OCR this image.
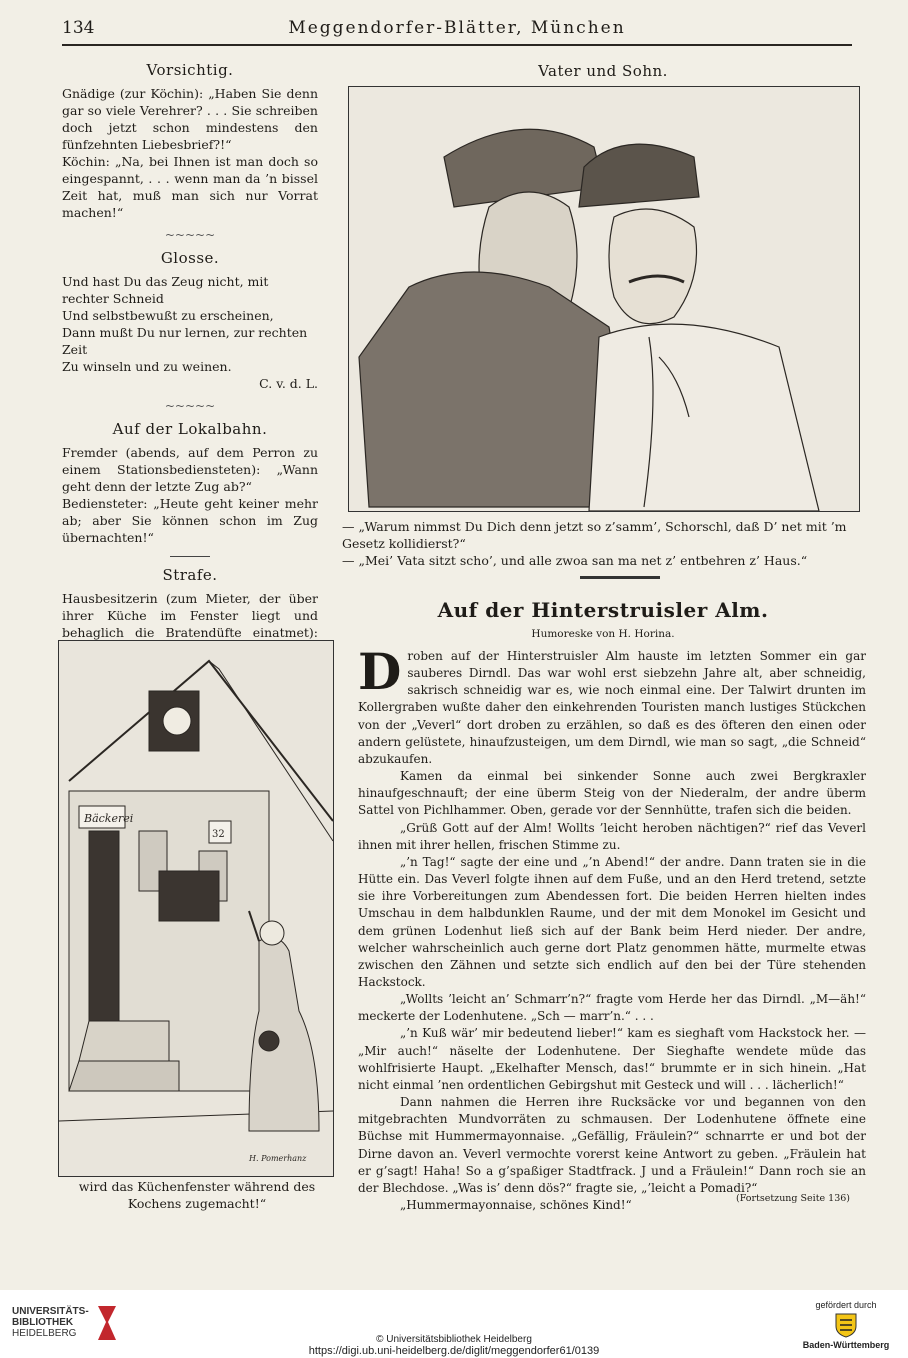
134	Meggendorfer-Blätter, München
Vorsichtig.

Gnädige (zur Köchin): „Haben Sie denn gar so viele Verehrer? . . . Sie schreiben doch jetzt schon mindestens den fünfzehnten Liebesbrief?!“

Köchin: „Na, bei Ihnen ist man doch so eingespannt, . . . wenn man da ’n bissel Zeit hat, muß man sich nur Vorrat machen!“

~~~~~
Glosse.

Und hast Du das Zeug nicht, mit rechter Schneid

Und selbstbewußt zu erscheinen,

Dann mußt Du nur lernen, zur rechten Zeit

Zu winseln und zu weinen.

C. v. d. L.

~~~~~
Auf der Lokalbahn.

Fremder (abends, auf dem Perron zu einem Stationsbediensteten): „Wann geht denn der letzte Zug ab?“

Bediensteter: „Heute geht keiner mehr ab; aber Sie können schon im Zug übernachten!“

Strafe.

Hausbesitzerin (zum Mieter, der über ihrer Küche im Fenster liegt und behaglich die Bratendüfte einatmet):

Bäckerei
32
H. Pomerhanz
wird das Küchenfenster während des Kochens zugemacht!“
Vater und Sohn.

— „Warum nimmst Du Dich denn jetzt so z’samm’, Schorschl, daß D’ net mit ’m Gesetz kollidierst?“

— „Mei’ Vata sitzt scho’, und alle zwoa san ma net z’ entbehren z’ Haus.“

Auf der Hinterstruisler Alm.
Humoreske von H. Horina.

Droben auf der Hinterstruisler Alm hauste im letzten Sommer ein gar sauberes Dirndl. Das war wohl erst siebzehn Jahre alt, aber schneidig, sakrisch schneidig war es, wie noch einmal eine. Der Talwirt drunten im Kollergraben wußte daher den einkehrenden Touristen manch lustiges Stückchen von der „Veverl“ dort droben zu erzählen, so daß es des öfteren den einen oder andern gelüstete, hinaufzusteigen, um dem Dirndl, wie man so sagt, „die Schneid“ abzukaufen.

Kamen da einmal bei sinkender Sonne auch zwei Bergkraxler hinaufgeschnauft; der eine überm Steig von der Niederalm, der andre überm Sattel von Pichlhammer. Oben, gerade vor der Sennhütte, trafen sich die beiden.

„Grüß Gott auf der Alm! Wollts ’leicht heroben nächtigen?“ rief das Veverl ihnen mit ihrer hellen, frischen Stimme zu.

„’n Tag!“ sagte der eine und „’n Abend!“ der andre. Dann traten sie in die Hütte ein. Das Veverl folgte ihnen auf dem Fuße, und an den Herd tretend, setzte sie ihre Vorbereitungen zum Abendessen fort. Die beiden Herren hielten indes Umschau in dem halbdunklen Raume, und der mit dem Monokel im Gesicht und dem grünen Lodenhut ließ sich auf der Bank beim Herd nieder. Der andre, welcher wahrscheinlich auch gerne dort Platz genommen hätte, murmelte etwas zwischen den Zähnen und setzte sich endlich auf den bei der Türe stehenden Hackstock.

„Wollts ’leicht an’ Schmarr’n?“ fragte vom Herde her das Dirndl. „M—äh!“ meckerte der Lodenhutene. „Sch — marr’n.“ . . .

„’n Kuß wär’ mir bedeutend lieber!“ kam es sieghaft vom Hackstock her. — „Mir auch!“ näselte der Lodenhutene. Der Sieghafte wendete müde das wohlfrisierte Haupt. „Ekelhafter Mensch, das!“ brummte er in sich hinein. „Hat nicht einmal ’nen ordentlichen Gebirgshut mit Gesteck und will . . . lächerlich!“

Dann nahmen die Herren ihre Rucksäcke vor und begannen von den mitgebrachten Mundvorräten zu schmausen. Der Lodenhutene öffnete eine Büchse mit Hummermayonnaise. „Gefällig, Fräulein?“ schnarrte er und bot der Dirne davon an. Veverl vermochte vorerst keine Antwort zu geben. „Fräulein hat er g’sagt! Haha! So a g’spaßiger Stadtfrack. J und a Fräulein!“ Dann roch sie an der Blechdose. „Was is’ denn dös?“ fragte sie, „’leicht a Pomadi?“

„Hummermayonnaise, schönes Kind!“	(Fortsetzung Seite 136)
UNIVERSITÄTS-
BIBLIOTHEK
HEIDELBERG
© Universitätsbibliothek Heidelberg
https://digi.ub.uni-heidelberg.de/diglit/meggendorfer61/0139
gefördert durch
Baden-Württemberg
